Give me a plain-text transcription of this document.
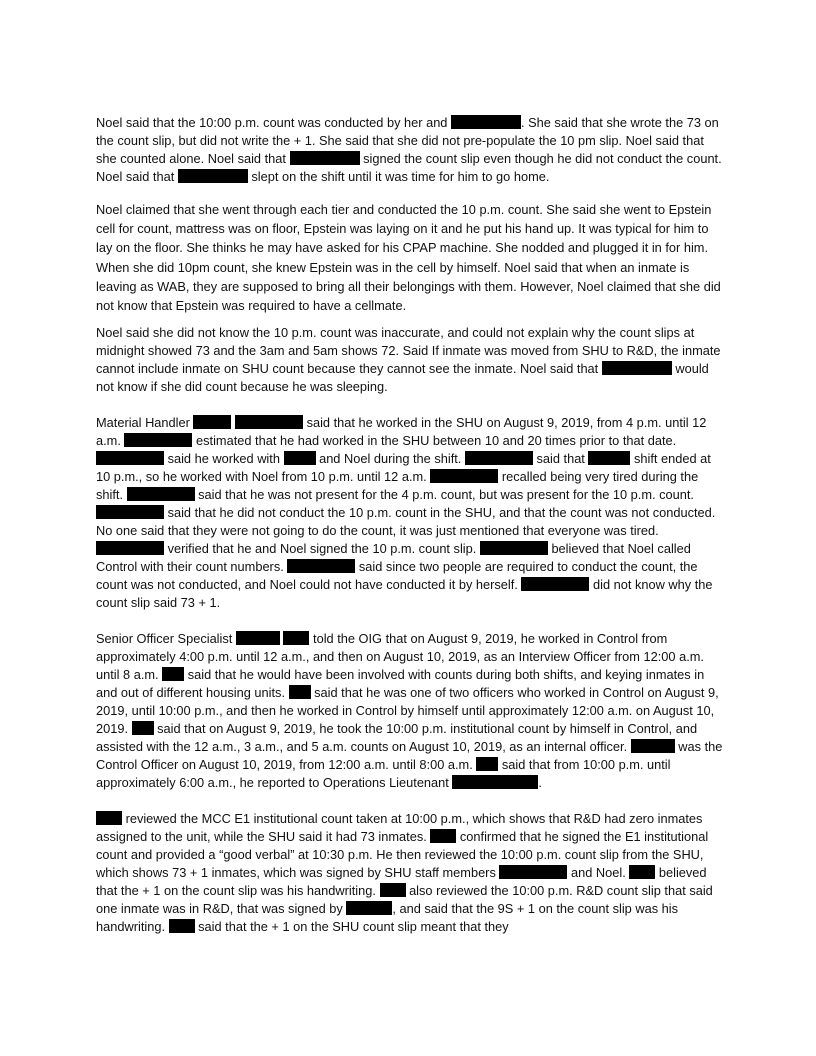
Noel said that the 10:00 p.m. count was conducted by her and	. She said that she wrote the 73 on the count slip, but did not write the + 1. She said that she did not pre-populate the 10 pm slip. Noel said that she counted alone. Noel said that	signed the count slip even though he did not conduct the count. Noel said that	slept on the shift until it was time for him to go home.

Noel claimed that she went through each tier and conducted the 10 p.m. count. She said she went to Epstein cell for count, mattress was on floor, Epstein was laying on it and he put his hand up. It was typical for him to lay on the floor. She thinks he may have asked for his CPAP machine. She nodded and plugged it in for him. When she did 10pm count, she knew Epstein was in the cell by himself. Noel said that when an inmate is leaving as WAB, they are supposed to bring all their belongings with them. However, Noel claimed that she did not know that Epstein was required to have a cellmate.

Noel said she did not know the 10 p.m. count was inaccurate, and could not explain why the count slips at midnight showed 73 and the 3am and 5am shows 72. Said If inmate was moved from SHU to R&D, the inmate cannot include inmate on SHU count because they cannot see the inmate. Noel said that	would not know if she did count because he was sleeping.

Material Handler	said that he worked in the SHU on August 9, 2019, from 4 p.m. until 12 a.m.	estimated that he had worked in the SHU between 10 and 20 times prior to that date.  said he worked with	and Noel during the shift.	said that	shift ended at 10 p.m., so he worked with Noel from 10 p.m. until 12 a.m.	recalled being very tired during the shift.	said that he was not present for the 4 p.m. count, but was present for the 10 p.m. count.  said that he did not conduct the 10 p.m. count in the SHU, and that the count was not conducted. No one said that they were not going to do the count, it was just mentioned that everyone was tired.  verified that he and Noel signed the 10 p.m. count slip.	believed that Noel called Control with their count numbers.	said since two people are required to conduct the count, the count was not conducted, and Noel could not have conducted it by herself.	did not know why the count slip said 73 + 1.

Senior Officer Specialist	told the OIG that on August 9, 2019, he worked in Control from approximately 4:00 p.m. until 12 a.m., and then on August 10, 2019, as an Interview Officer from 12:00 a.m. until 8 a.m. said that he would have been involved with counts during both shifts, and keying inmates in and out of different housing units. said that he was one of two officers who worked in Control on August 9, 2019, until 10:00 p.m., and then he worked in Control by himself until approximately 12:00 a.m. on August 10, 2019. said that on August 9, 2019, he took the 10:00 p.m. institutional count by himself in Control, and assisted with the 12 a.m., 3 a.m., and 5 a.m. counts on August 10, 2019, as an internal officer.	was the Control Officer on August 10, 2019, from 12:00 a.m. until 8:00 a.m. said that from 10:00 p.m. until approximately 6:00 a.m., he reported to Operations Lieutenant	.

reviewed the MCC E1 institutional count taken at 10:00 p.m., which shows that R&D had zero inmates assigned to the unit, while the SHU said it had 73 inmates.	confirmed that he signed the E1 institutional count and provided a “good verbal” at 10:30 p.m. He then reviewed the 10:00 p.m. count slip from the SHU, which shows 73 + 1 inmates, which was signed by SHU staff members	and Noel.	believed that the + 1 on the count slip was his handwriting.	also reviewed the 10:00 p.m. R&D count slip that said one inmate was in R&D, that was signed by	, and said that the 9S + 1 on the count slip was his handwriting.	said that the + 1 on the SHU count slip meant that they
